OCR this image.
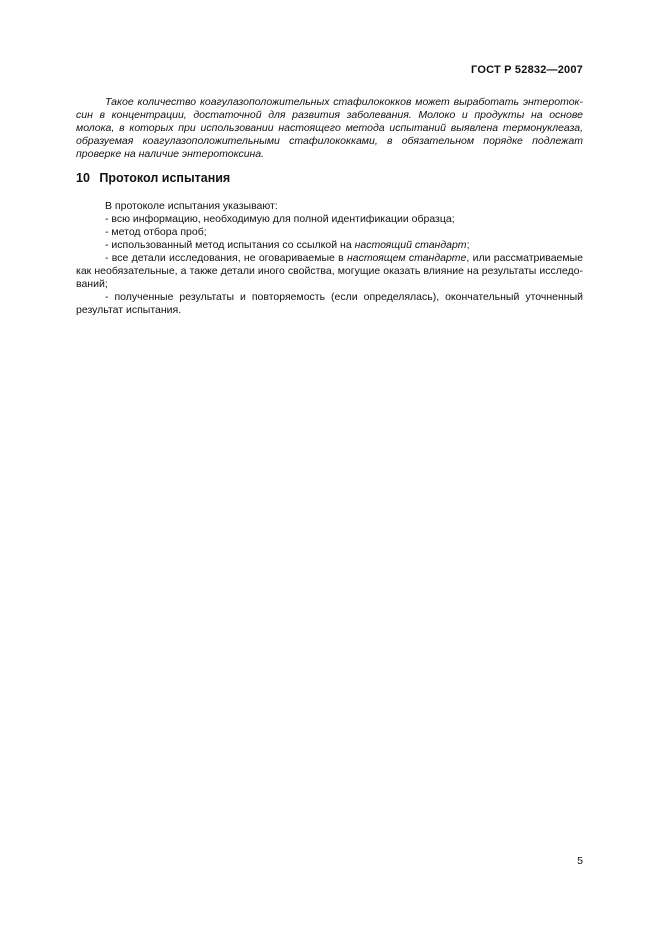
ГОСТ Р 52832—2007

Такое количество коагулазоположительных стафилококков может выработать энтеротоксин в концентрации, достаточной для развития заболевания. Молоко и продукты на основе молока, в которых при использовании настоящего метода испытаний выявлена термонуклеаза, образуемая коагулазоположительными стафилококками, в обязательном порядке подлежат проверке на наличие энтеротоксина.

10 Протокол испытания

В протоколе испытания указывают:

- всю информацию, необходимую для полной идентификации образца;

- метод отбора проб;

- использованный метод испытания со ссылкой на настоящий стандарт;

- все детали исследования, не оговариваемые в настоящем стандарте, или рассматриваемые как необязательные, а также детали иного свойства, могущие оказать влияние на результаты исследований;

- полученные результаты и повторяемость (если определялась), окончательный уточненный результат испытания.

5
